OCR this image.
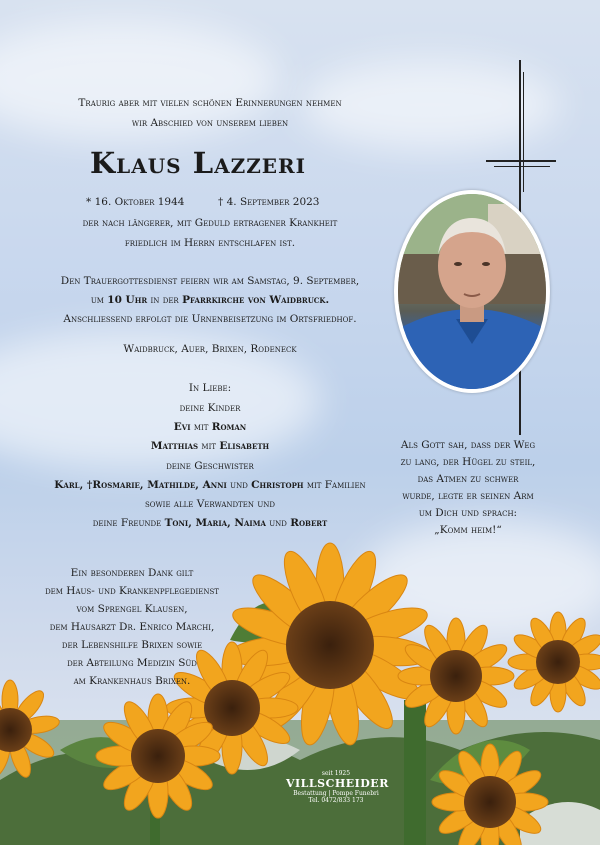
Traurig aber mit vielen schönen Erinnerungen nehmen
wir Abschied von unserem lieben
Klaus Lazzeri
* 16. Oktober 1944	† 4. September 2023
der nach längerer, mit Geduld ertragener Krankheit
friedlich im Herrn entschlafen ist.
Den Trauergottesdienst feiern wir am Samstag, 9. September,
um 10 Uhr in der Pfarrkirche von Waidbruck.
Anschließend erfolgt die Urnenbeisetzung im Ortsfriedhof.
Waidbruck, Auer, Brixen, Rodeneck
In Liebe:
deine Kinder
Evi mit Roman
Matthias mit Elisabeth
deine Geschwister
Karl, †Rosmarie, Mathilde, Anni und Christoph mit Familien
sowie alle Verwandten und
deine Freunde Toni, Maria, Naima und Robert
Als Gott sah, dass der Weg
zu lang, der Hügel zu steil,
das Atmen zu schwer
wurde, legte er seinen Arm
um Dich und sprach:
„Komm heim!“
Ein besonderen Dank gilt
dem Haus- und Krankenpflegedienst
vom Sprengel Klausen,
dem Hausarzt Dr. Enrico Marchi,
der Lebenshilfe Brixen sowie
der Abteilung Medizin Süd
am Krankenhaus Brixen.
seit 1925
VILLSCHEIDER
Bestattung | Pompe Funebri
Tel. 0472/833 173
